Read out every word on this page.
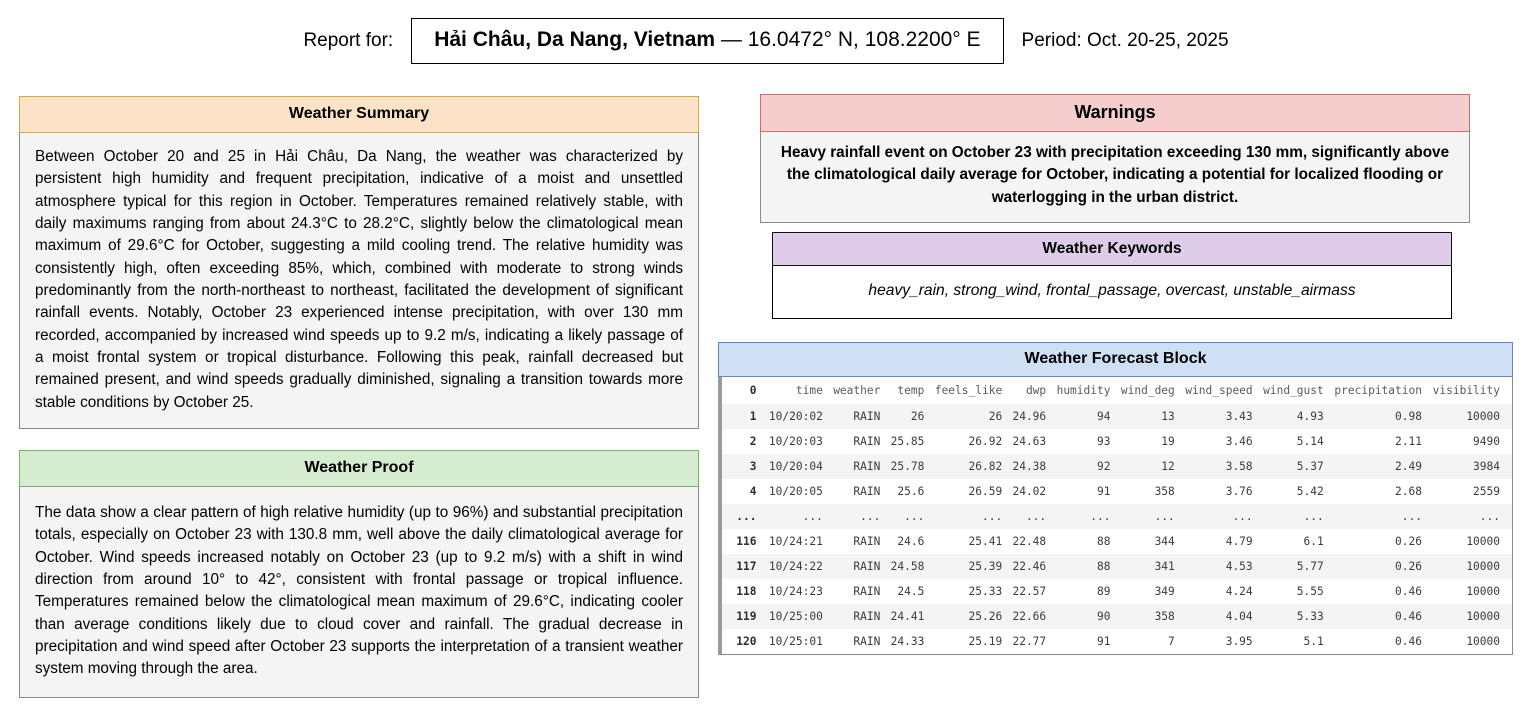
Report for:	Hải Châu, Da Nang, Vietnam — 16.0472° N, 108.2200° E	Period: Oct. 20-25, 2025
Weather Summary
Between October 20 and 25 in Hải Châu, Da Nang, the weather was characterized by persistent high humidity and frequent precipitation, indicative of a moist and unsettled atmosphere typical for this region in October. Temperatures remained relatively stable, with daily maximums ranging from about 24.3°C to 28.2°C, slightly below the climatological mean maximum of 29.6°C for October, suggesting a mild cooling trend. The relative humidity was consistently high, often exceeding 85%, which, combined with moderate to strong winds predominantly from the north-northeast to northeast, facilitated the development of significant rainfall events. Notably, October 23 experienced intense precipitation, with over 130 mm recorded, accompanied by increased wind speeds up to 9.2 m/s, indicating a likely passage of a moist frontal system or tropical disturbance. Following this peak, rainfall decreased but remained present, and wind speeds gradually diminished, signaling a transition towards more stable conditions by October 25.
Weather Proof
The data show a clear pattern of high relative humidity (up to 96%) and substantial precipitation totals, especially on October 23 with 130.8 mm, well above the daily climatological average for October. Wind speeds increased notably on October 23 (up to 9.2 m/s) with a shift in wind direction from around 10° to 42°, consistent with frontal passage or tropical influence. Temperatures remained below the climatological mean maximum of 29.6°C, indicating cooler than average conditions likely due to cloud cover and rainfall. The gradual decrease in precipitation and wind speed after October 23 supports the interpretation of a transient weather system moving through the area.
Warnings
Heavy rainfall event on October 23 with precipitation exceeding 130 mm, significantly above the climatological daily average for October, indicating a potential for localized flooding or waterlogging in the urban district.
Weather Keywords
heavy_rain, strong_wind, frontal_passage, overcast, unstable_airmass
Weather Forecast Block
0	time	weather	temp	feels_like	dwp	humidity	wind_deg	wind_speed	wind_gust	precipitation	visibility
1	10/20:02	RAIN	26	26	24.96	94	13	3.43	4.93	0.98	10000
2	10/20:03	RAIN	25.85	26.92	24.63	93	19	3.46	5.14	2.11	9490
3	10/20:04	RAIN	25.78	26.82	24.38	92	12	3.58	5.37	2.49	3984
4	10/20:05	RAIN	25.6	26.59	24.02	91	358	3.76	5.42	2.68	2559
...	...	...	...	...	...	...	...	...	...	...	...
116	10/24:21	RAIN	24.6	25.41	22.48	88	344	4.79	6.1	0.26	10000
117	10/24:22	RAIN	24.58	25.39	22.46	88	341	4.53	5.77	0.26	10000
118	10/24:23	RAIN	24.5	25.33	22.57	89	349	4.24	5.55	0.46	10000
119	10/25:00	RAIN	24.41	25.26	22.66	90	358	4.04	5.33	0.46	10000
120	10/25:01	RAIN	24.33	25.19	22.77	91	7	3.95	5.1	0.46	10000
